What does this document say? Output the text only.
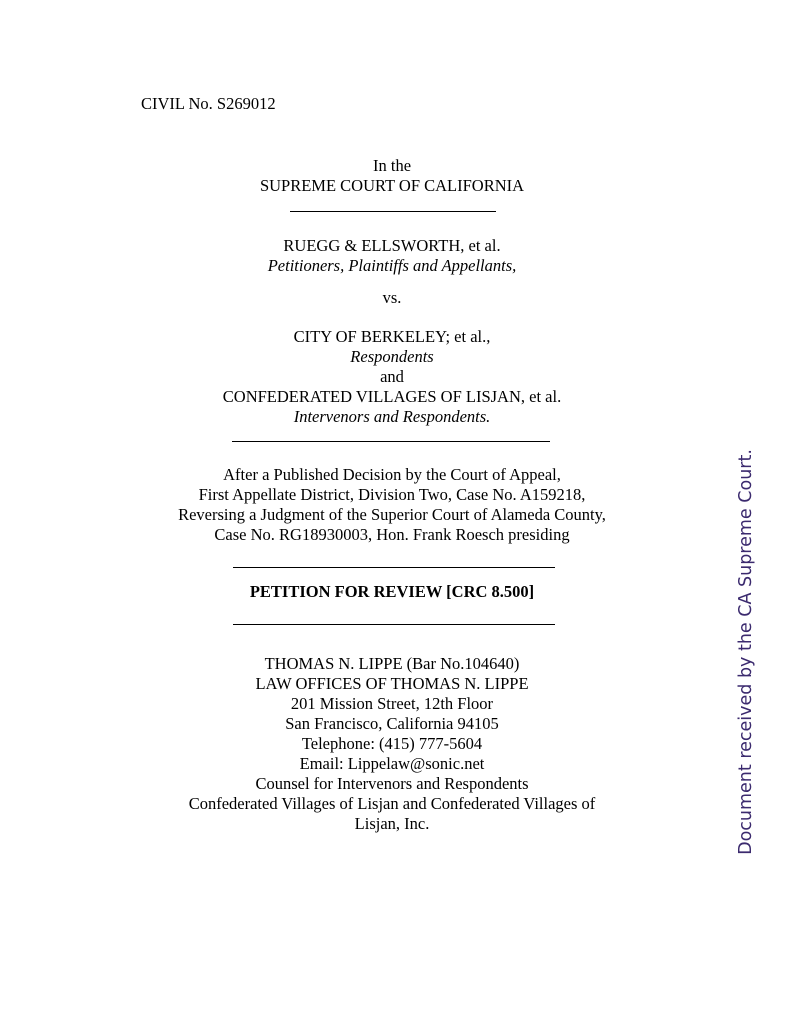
CIVIL No. S269012
In the
SUPREME COURT OF CALIFORNIA
RUEGG & ELLSWORTH, et al.
Petitioners, Plaintiffs and Appellants,
vs.
CITY OF BERKELEY; et al.,
Respondents
and
CONFEDERATED VILLAGES OF LISJAN, et al.
Intervenors and Respondents.
After a Published Decision by the Court of Appeal,
First Appellate District, Division Two, Case No. A159218,
Reversing a Judgment of the Superior Court of Alameda County,
Case No. RG18930003, Hon. Frank Roesch presiding
PETITION FOR REVIEW [CRC 8.500]
THOMAS N. LIPPE (Bar No.104640)
LAW OFFICES OF THOMAS N. LIPPE
201 Mission Street, 12th Floor
San Francisco, California 94105
Telephone: (415) 777-5604
Email: Lippelaw@sonic.net
Counsel for Intervenors and Respondents
Confederated Villages of Lisjan and Confederated Villages of
Lisjan, Inc.	Document received by the CA Supreme Court.
